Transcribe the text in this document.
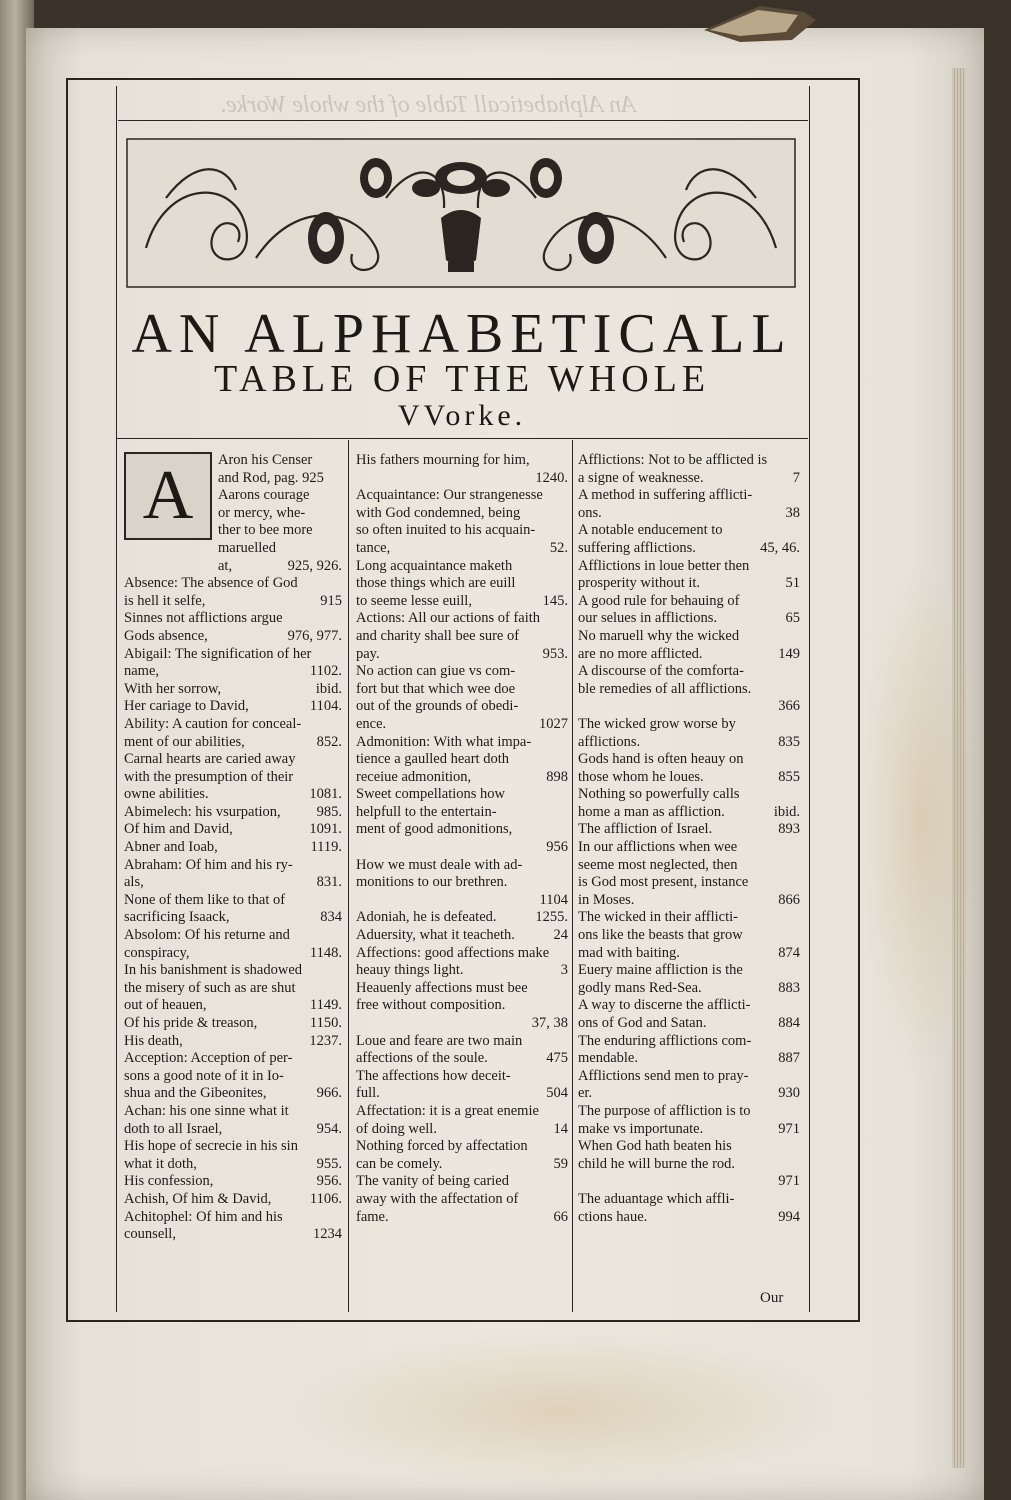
An Alphabeticall Table of the whole Worke.
AN ALPHABETICALL
TABLE OF THE WHOLE
VVorke.
A	Aron his Censer
and Rod, pag. 925
Aarons courage
or mercy, whe-
ther to bee more
maruelled at,	925, 926.
Absence: The absence of God
is hell it selfe,	915
Sinnes not afflictions argue
Gods absence,	976, 977.
Abigail: The signification of her
name,	1102.
With her sorrow,	ibid.
Her cariage to David,	1104.
Ability: A caution for conceal-
ment of our abilities,	852.
Carnal hearts are caried away
with the presumption of their
owne abilities.	1081.
Abimelech: his vsurpation,	985.
Of him and David,	1091.
Abner and Ioab,	1119.
Abraham: Of him and his ry-
als,	831.
None of them like to that of
sacrificing Isaack,	834
Absolom: Of his returne and
conspiracy,	1148.
In his banishment is shadowed
the misery of such as are shut
out of heauen,	1149.
Of his pride & treason,	1150.
His death,	1237.
Acception: Acception of per-
sons a good note of it in Io-
shua and the Gibeonites,	966.
Achan: his one sinne what it
doth to all Israel,	954.
His hope of secrecie in his sin
what it doth,	955.
His confession,	956.
Achish, Of him & David,	1106.
Achitophel: Of him and his
counsell,	1234
His fathers mourning for him,
1240.
Acquaintance: Our strangenesse
with God condemned, being
so often inuited to his acquain-
tance,	52.
Long acquaintance maketh
those things which are euill
to seeme lesse euill,	145.
Actions: All our actions of faith
and charity shall bee sure of
pay.	953.
No action can giue vs com-
fort but that which wee doe
out of the grounds of obedi-
ence.	1027
Admonition: With what impa-
tience a gaulled heart doth
receiue admonition,	898
Sweet compellations how
helpfull to the entertain-
ment of good admonitions,
956
How we must deale with ad-
monitions to our brethren.
1104
Adoniah, he is defeated.	1255.
Aduersity, what it teacheth.	24
Affections: good affections make
heauy things light.	3
Heauenly affections must bee
free without composition.
37, 38
Loue and feare are two main
affections of the soule.	475
The affections how deceit-
full.	504
Affectation: it is a great enemie
of doing well.	14
Nothing forced by affectation
can be comely.	59
The vanity of being caried
away with the affectation of
fame.	66
Afflictions: Not to be afflicted is
a signe of weaknesse.	7
A method in suffering afflicti-
ons.	38
A notable enducement to
suffering afflictions.	45, 46.
Afflictions in loue better then
prosperity without it.	51
A good rule for behauing of
our selues in afflictions.	65
No maruell why the wicked
are no more afflicted.	149
A discourse of the comforta-
ble remedies of all afflictions.
366
The wicked grow worse by
afflictions.	835
Gods hand is often heauy on
those whom he loues.	855
Nothing so powerfully calls
home a man as affliction.	ibid.
The affliction of Israel.	893
In our afflictions when wee
seeme most neglected, then
is God most present, instance
in Moses.	866
The wicked in their afflicti-
ons like the beasts that grow
mad with baiting.	874
Euery maine affliction is the
godly mans Red-Sea.	883
A way to discerne the afflicti-
ons of God and Satan.	884
The enduring afflictions com-
mendable.	887
Afflictions send men to pray-
er.	930
The purpose of affliction is to
make vs importunate.	971
When God hath beaten his
child he will burne the rod.
971
The aduantage which affli-
ctions haue.	994
Our
